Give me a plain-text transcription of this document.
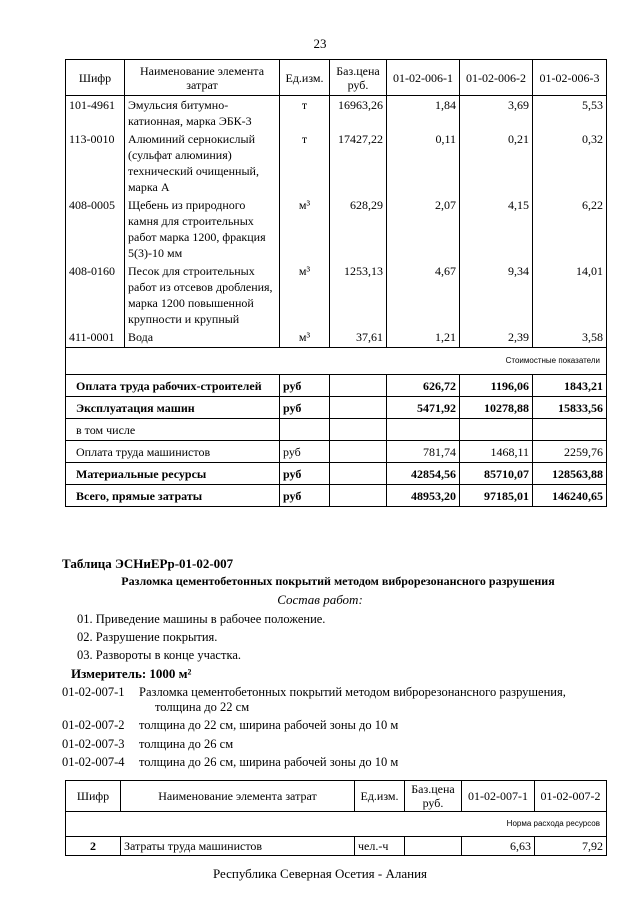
23
Шифр	Наименование элемента затрат	Ед.изм.	Баз.цена руб.	01-02-006-1	01-02-006-2	01-02-006-3
101-4961	Эмульсия битумно-катионная, марка ЭБК-3	т	16963,26	1,84	3,69	5,53
113-0010	Алюминий сернокислый (сульфат алюминия) технический очищенный, марка А	т	17427,22	0,11	0,21	0,32
408-0005	Щебень из природного камня для строительных работ марка 1200, фракция 5(3)-10 мм	м³	628,29	2,07	4,15	6,22
408-0160	Песок для строительных работ из отсевов дробления, марка 1200 повышенной крупности и крупный	м³	1253,13	4,67	9,34	14,01
411-0001	Вода	м³	37,61	1,21	2,39	3,58
Стоимостные показатели						
Оплата труда рабочих-строителей		руб		626,72	1196,06	1843,21
Эксплуатация машин		руб		5471,92	10278,88	15833,56
в том числе						
Оплата труда машинистов		руб		781,74	1468,11	2259,76
Материальные ресурсы		руб		42854,56	85710,07	128563,88
Всего, прямые затраты		руб		48953,20	97185,01	146240,65
Таблица ЭСНиЕРр-01-02-007
Разломка цементобетонных покрытий методом виброрезонансного разрушения
Состав работ:
01. Приведение машины в рабочее положение.
02. Разрушение покрытия.
03. Развороты в конце участка.
Измеритель: 1000 м²
01-02-007-1 Разломка цементобетонных покрытий методом виброрезонансного разрушения,
толщина до 22 см
01-02-007-2 толщина до 22 см, ширина рабочей зоны до 10 м
01-02-007-3 толщина до 26 см
01-02-007-4 толщина до 26 см, ширина рабочей зоны до 10 м
Шифр	Наименование элемента затрат	Ед.изм.	Баз.цена руб.	01-02-007-1	01-02-007-2
Норма расхода ресурсов					
2	Затраты труда машинистов	чел.-ч		6,63	7,92
Республика Северная Осетия - Алания
